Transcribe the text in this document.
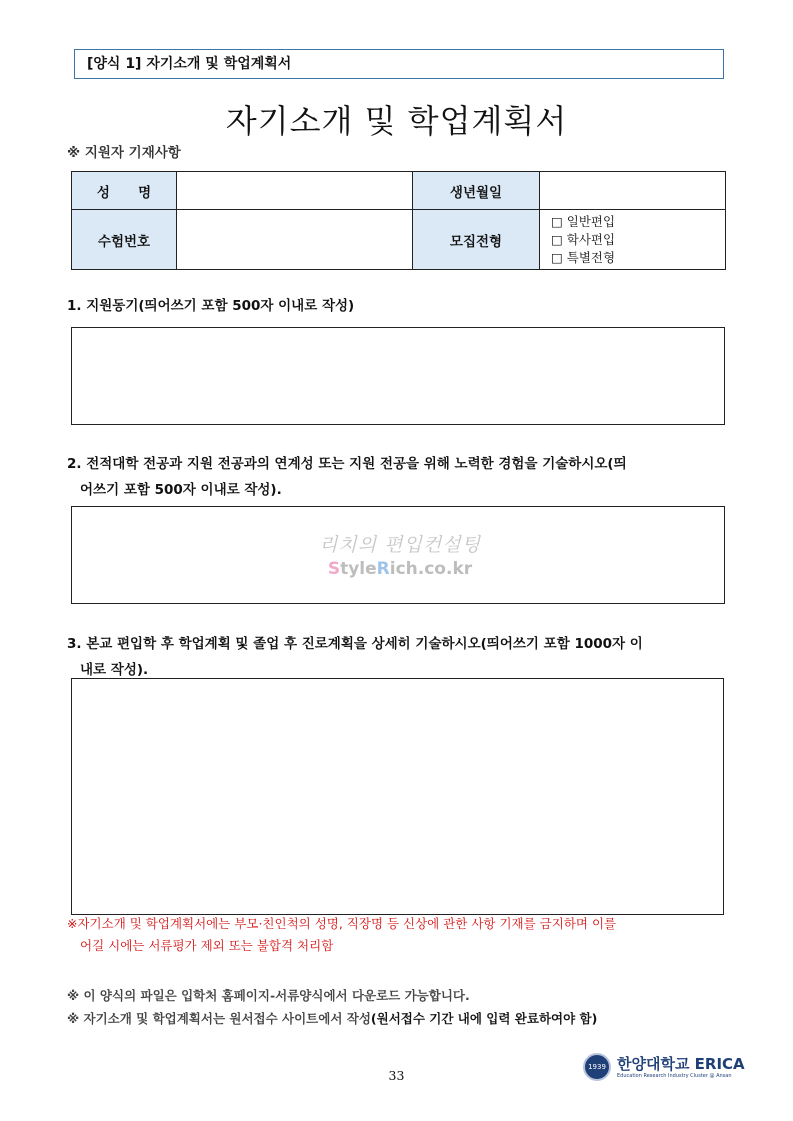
[양식 1] 자기소개 및 학업계획서
자기소개 및 학업계획서
※ 지원자 기재사항
성      명		생년월일	
수험번호		모집전형	□ 일반편입
□ 학사편입
□ 특별전형
1. 지원동기(띄어쓰기 포함 500자 이내로 작성)
2. 전적대학 전공과 지원 전공과의 연계성 또는 지원 전공을 위해 노력한 경험을 기술하시오(띄
어쓰기 포함 500자 이내로 작성).
리치의 편입컨설팅
StyleRich.co.kr
3. 본교 편입학 후 학업계획 및 졸업 후 진로계획을 상세히 기술하시오(띄어쓰기 포함 1000자 이
내로 작성).
※자기소개 및 학업계획서에는 부모·친인척의 성명, 직장명 등 신상에 관한 사항 기재를 금지하며 이를
어길 시에는 서류평가 제외 또는 불합격 처리함
※ 이 양식의 파일은 입학처 홈페이지-서류양식에서 다운로드 가능합니다.
※ 자기소개 및 학업계획서는 원서접수 사이트에서 작성(원서접수 기간 내에 입력 완료하여야 함)
33
1939 한양대학교 ERICA
Education Research Industry Cluster @ Ansan
